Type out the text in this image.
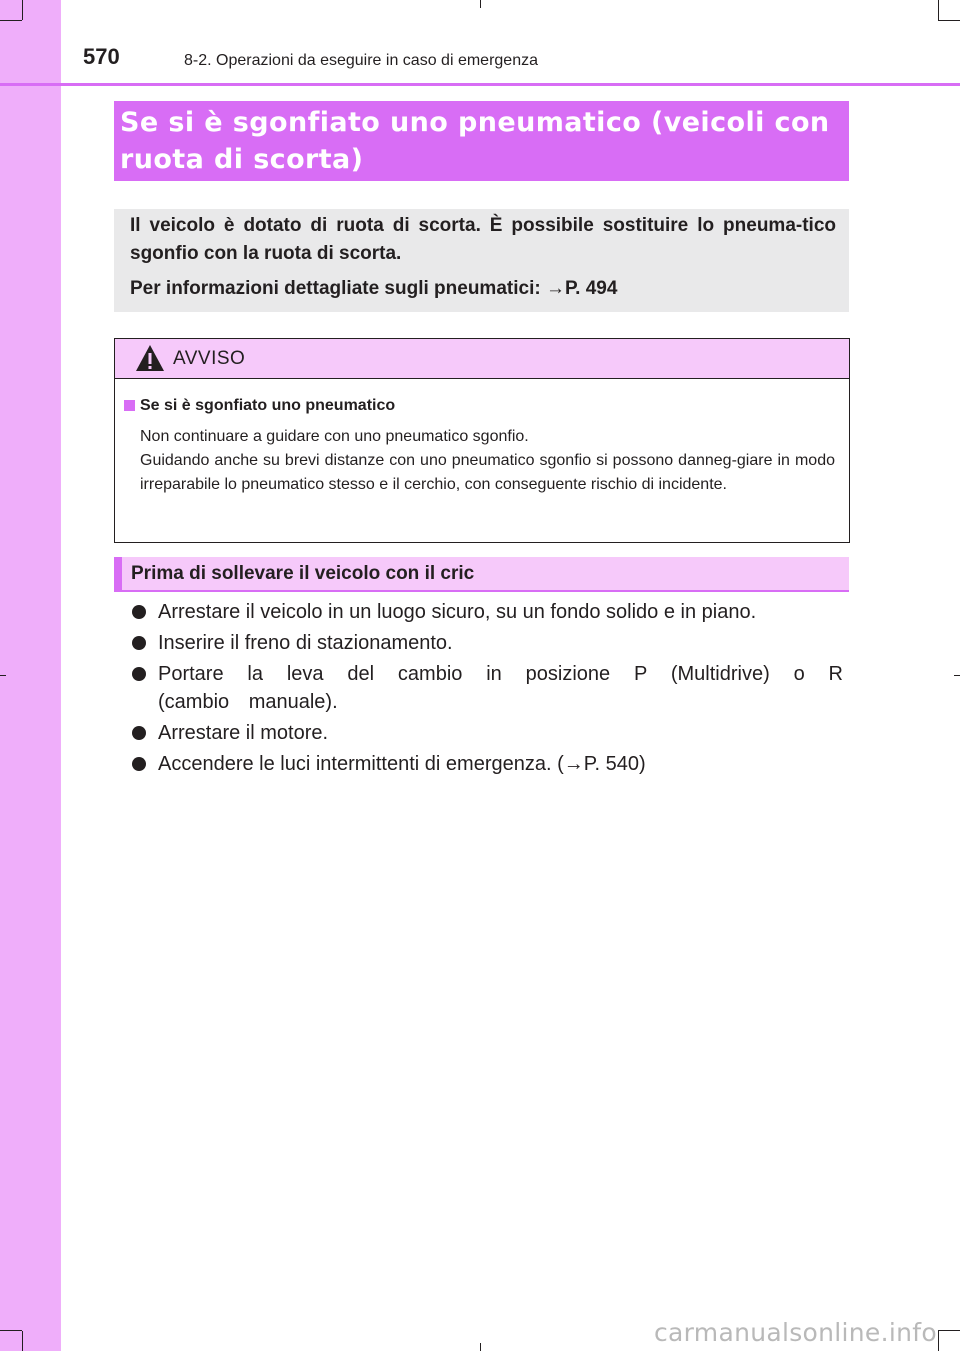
570	8-2. Operazioni da eseguire in caso di emergenza
Se si è sgonfiato uno pneumatico (veicoli con ruota di scorta)
Il veicolo è dotato di ruota di scorta. È possibile sostituire lo pneuma-tico sgonfio con la ruota di scorta.
Per informazioni dettagliate sugli pneumatici: →P. 494
AVVISO
Se si è sgonfiato uno pneumatico

Non continuare a guidare con uno pneumatico sgonfio.

Guidando anche su brevi distanze con uno pneumatico sgonfio si possono danneg-giare in modo irreparabile lo pneumatico stesso e il cerchio, con conseguente rischio di incidente.

Prima di sollevare il veicolo con il cric
Arrestare il veicolo in un luogo sicuro, su un fondo solido e in piano.
Inserire il freno di stazionamento.
Portare la leva del cambio in posizione P (Multidrive) o R (cambio manuale).
Arrestare il motore.
Accendere le luci intermittenti di emergenza. (→P. 540)
carmanualsonline.info
